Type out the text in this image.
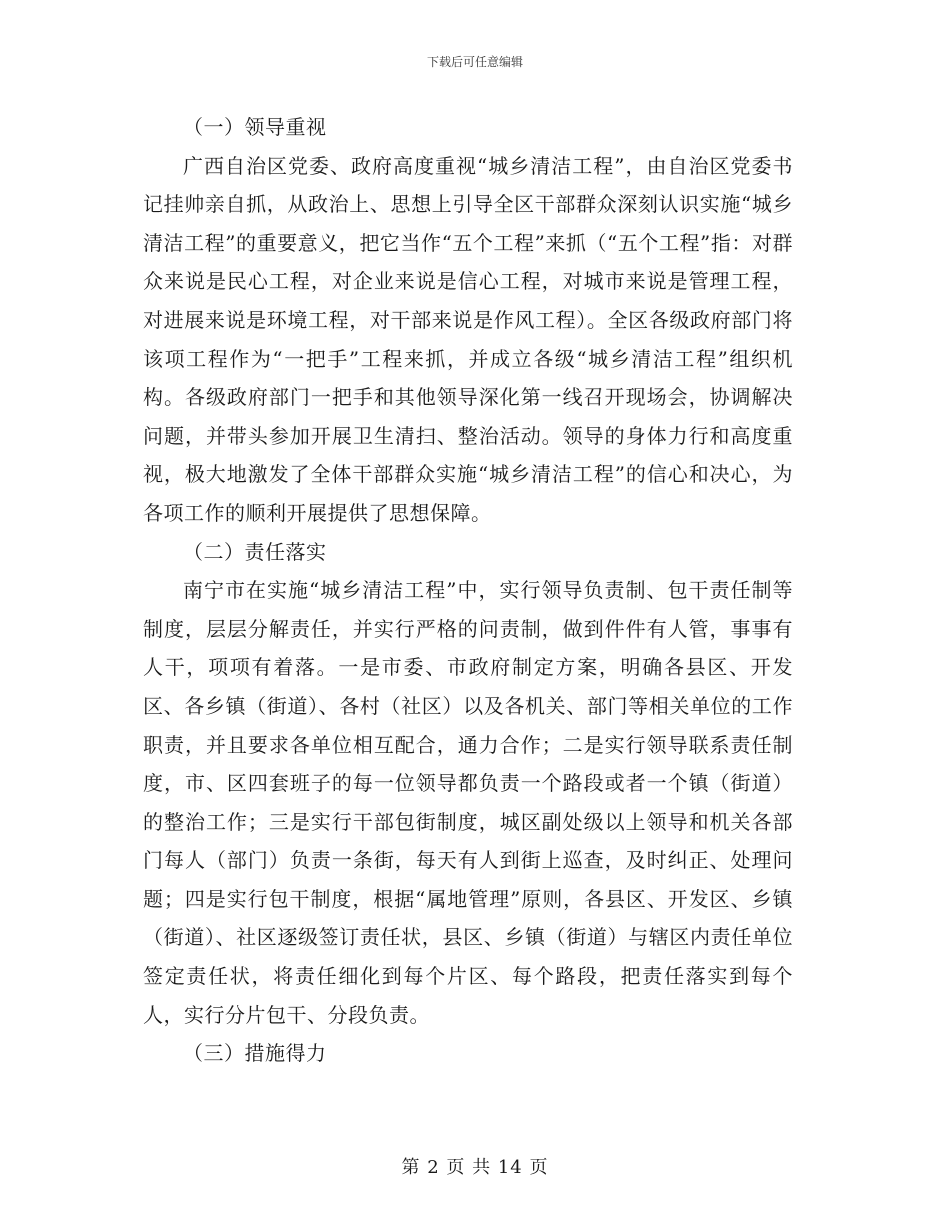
下载后可任意编辑

（一）领导重视

广西自治区党委、政府高度重视“城乡清洁工程”，由自治区党委书记挂帅亲自抓，从政治上、思想上引导全区干部群众深刻认识实施“城乡清洁工程”的重要意义，把它当作“五个工程”来抓（“五个工程”指：对群众来说是民心工程，对企业来说是信心工程，对城市来说是管理工程，对进展来说是环境工程，对干部来说是作风工程）。全区各级政府部门将该项工程作为“一把手”工程来抓，并成立各级“城乡清洁工程”组织机构。各级政府部门一把手和其他领导深化第一线召开现场会，协调解决问题，并带头参加开展卫生清扫、整治活动。领导的身体力行和高度重视，极大地激发了全体干部群众实施“城乡清洁工程”的信心和决心，为各项工作的顺利开展提供了思想保障。

（二）责任落实

南宁市在实施“城乡清洁工程”中，实行领导负责制、包干责任制等制度，层层分解责任，并实行严格的问责制，做到件件有人管，事事有人干，项项有着落。一是市委、市政府制定方案，明确各县区、开发区、各乡镇（街道）、各村（社区）以及各机关、部门等相关单位的工作职责，并且要求各单位相互配合，通力合作；二是实行领导联系责任制度，市、区四套班子的每一位领导都负责一个路段或者一个镇（街道）的整治工作；三是实行干部包街制度，城区副处级以上领导和机关各部门每人（部门）负责一条街，每天有人到街上巡查，及时纠正、处理问题；四是实行包干制度，根据“属地管理”原则，各县区、开发区、乡镇（街道）、社区逐级签订责任状，县区、乡镇（街道）与辖区内责任单位签定责任状，将责任细化到每个片区、每个路段，把责任落实到每个人，实行分片包干、分段负责。

（三）措施得力

第 2 页 共 14 页
